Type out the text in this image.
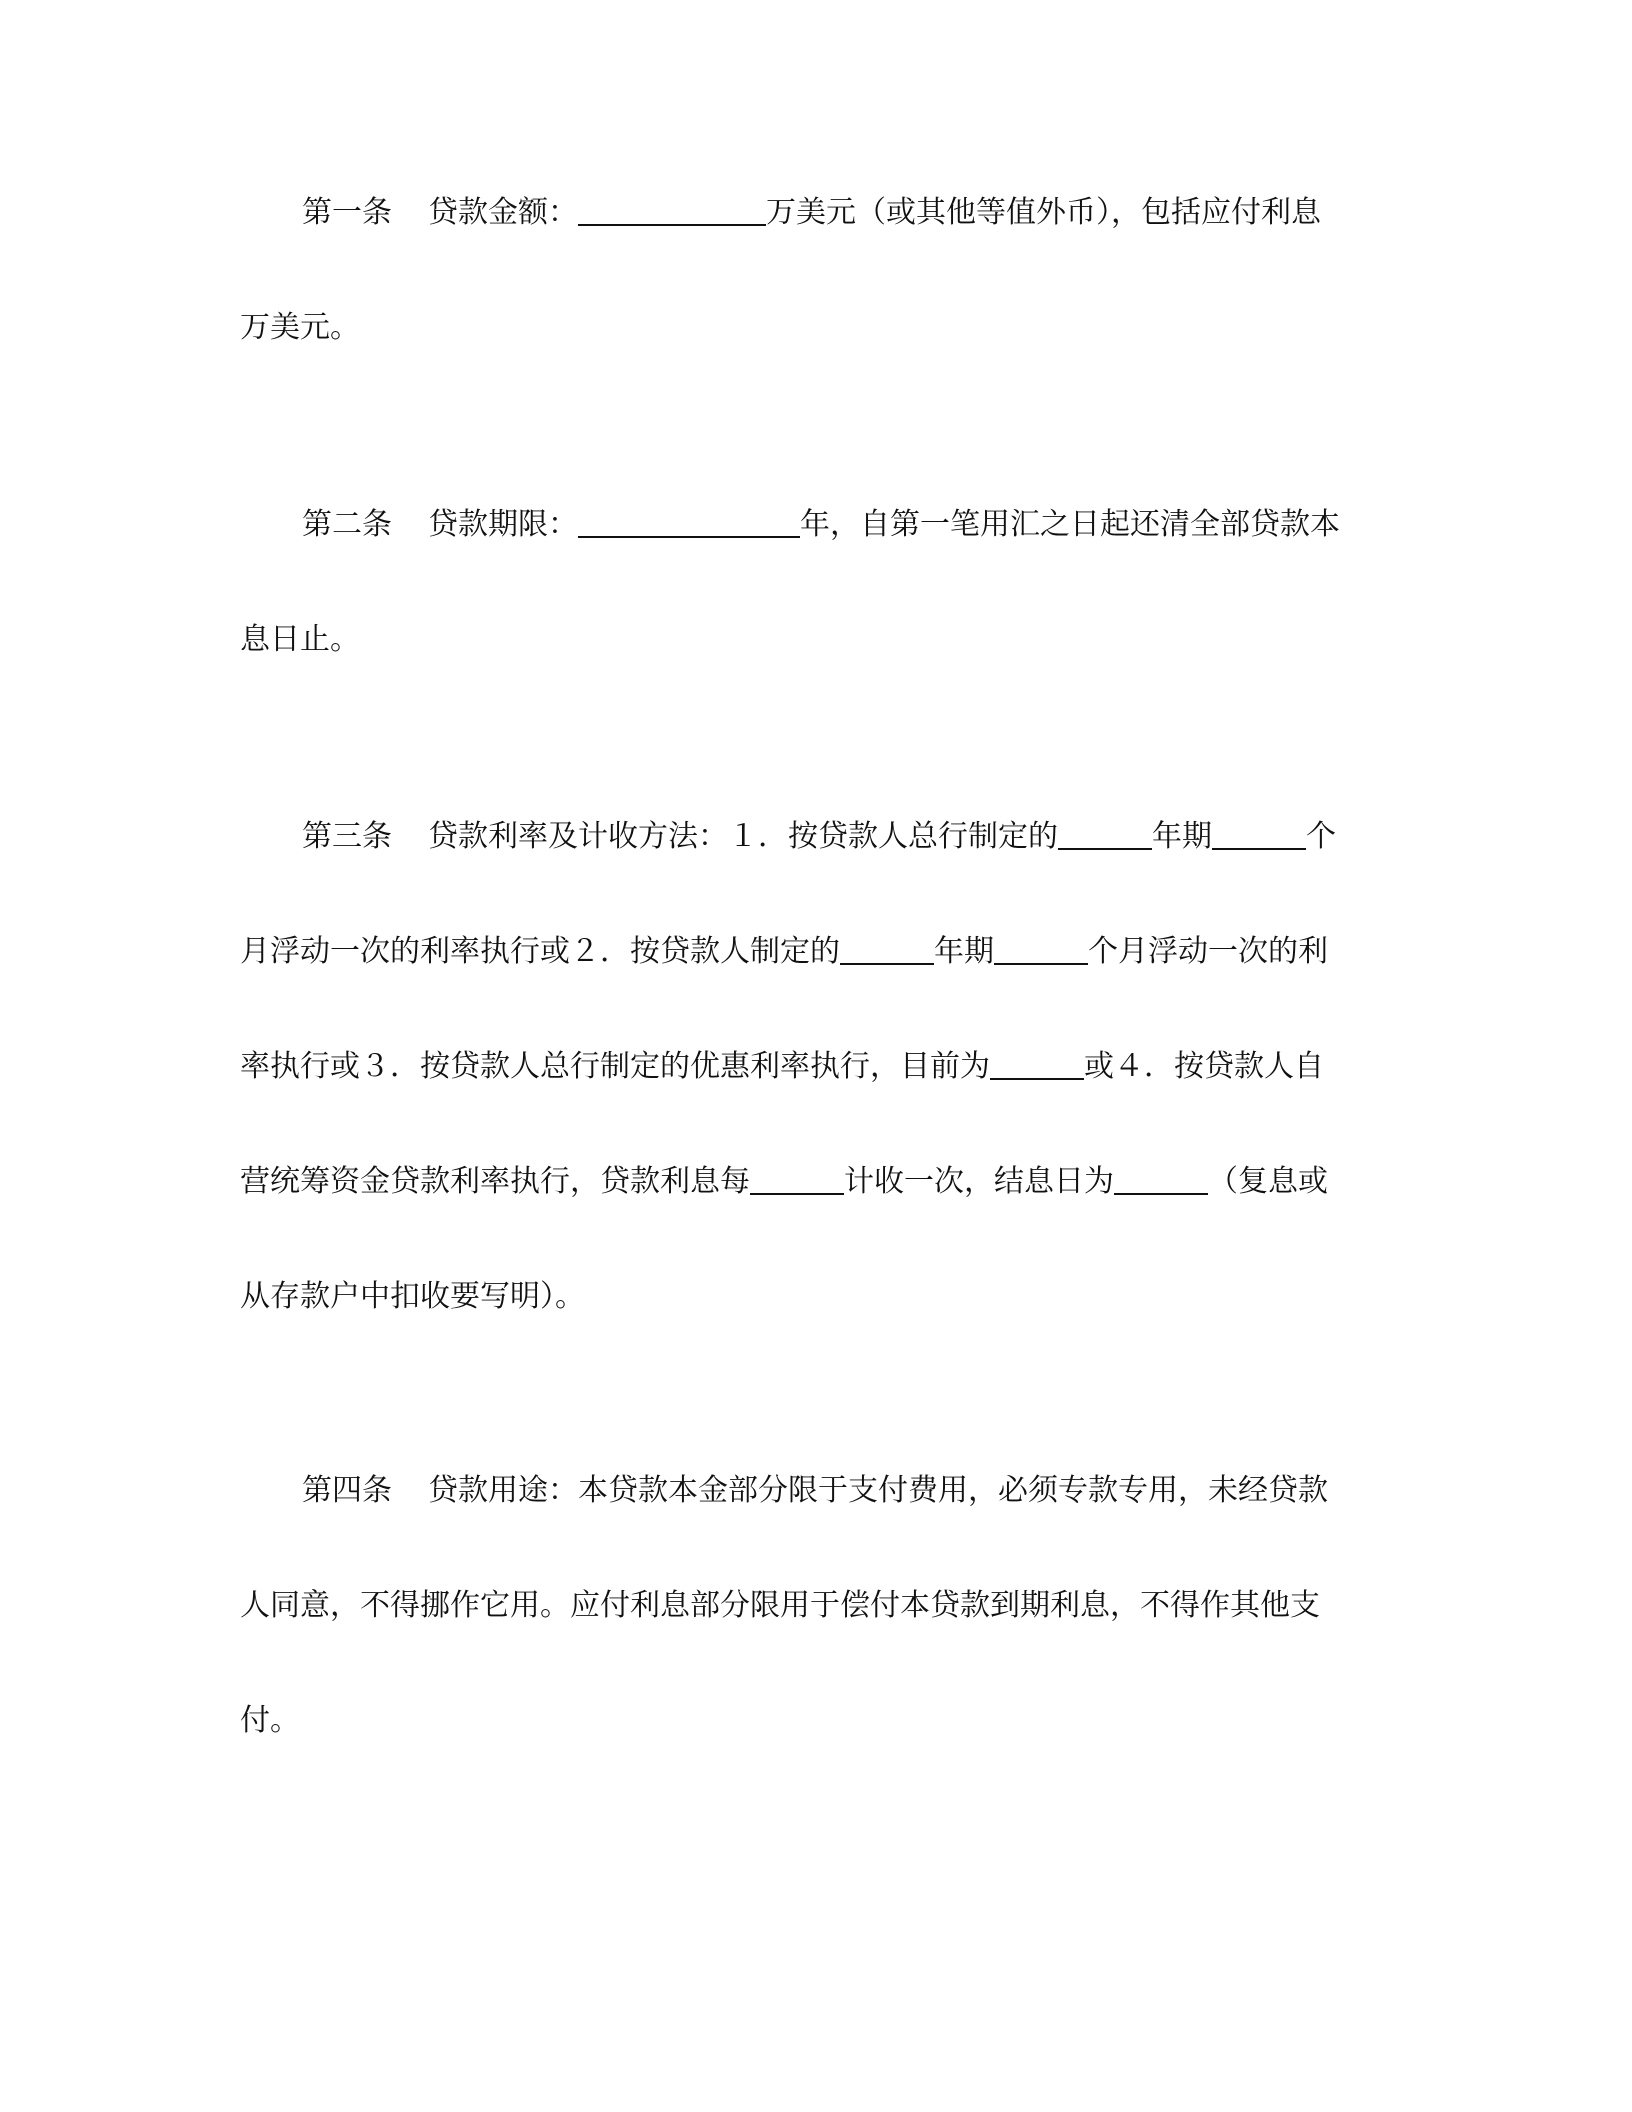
第一条 贷款金额：	万美元（或其他等值外币），包括应付利息
万美元。
第二条 贷款期限：	年，自第一笔用汇之日起还清全部贷款本
息日止。
第三条 贷款利率及计收方法：１．按贷款人总行制定的	年期	个
月浮动一次的利率执行或２．按贷款人制定的	年期	个月浮动一次的利
率执行或３．按贷款人总行制定的优惠利率执行，目前为	或４．按贷款人自
营统筹资金贷款利率执行，贷款利息每	计收一次，结息日为	（复息或
从存款户中扣收要写明）。
第四条 贷款用途：本贷款本金部分限于支付费用，必须专款专用，未经贷款
人同意，不得挪作它用。应付利息部分限用于偿付本贷款到期利息，不得作其他支
付。
